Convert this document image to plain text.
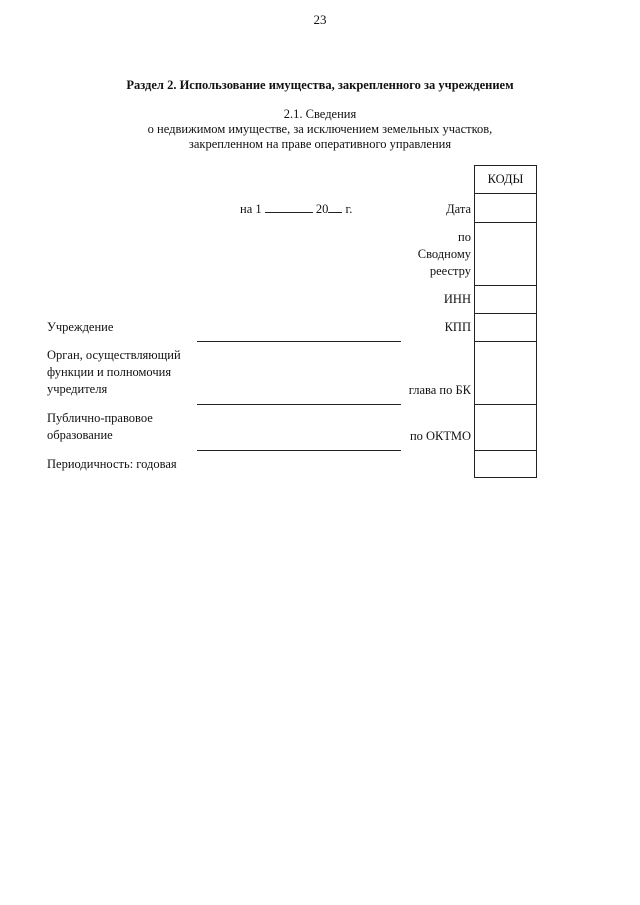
23
Раздел 2. Использование имущества, закрепленного за учреждением
2.1. Сведения
о недвижимом имуществе, за исключением земельных участков,
закрепленном на праве оперативного управления
КОДЫ
на 1	20 г.	Дата
по
Сводному
реестру
ИНН
КПП
глава по БК
по ОКТМО
Учреждение
Орган, осуществляющий
функции и полномочия
учредителя
Публично-правовое
образование
Периодичность: годовая
